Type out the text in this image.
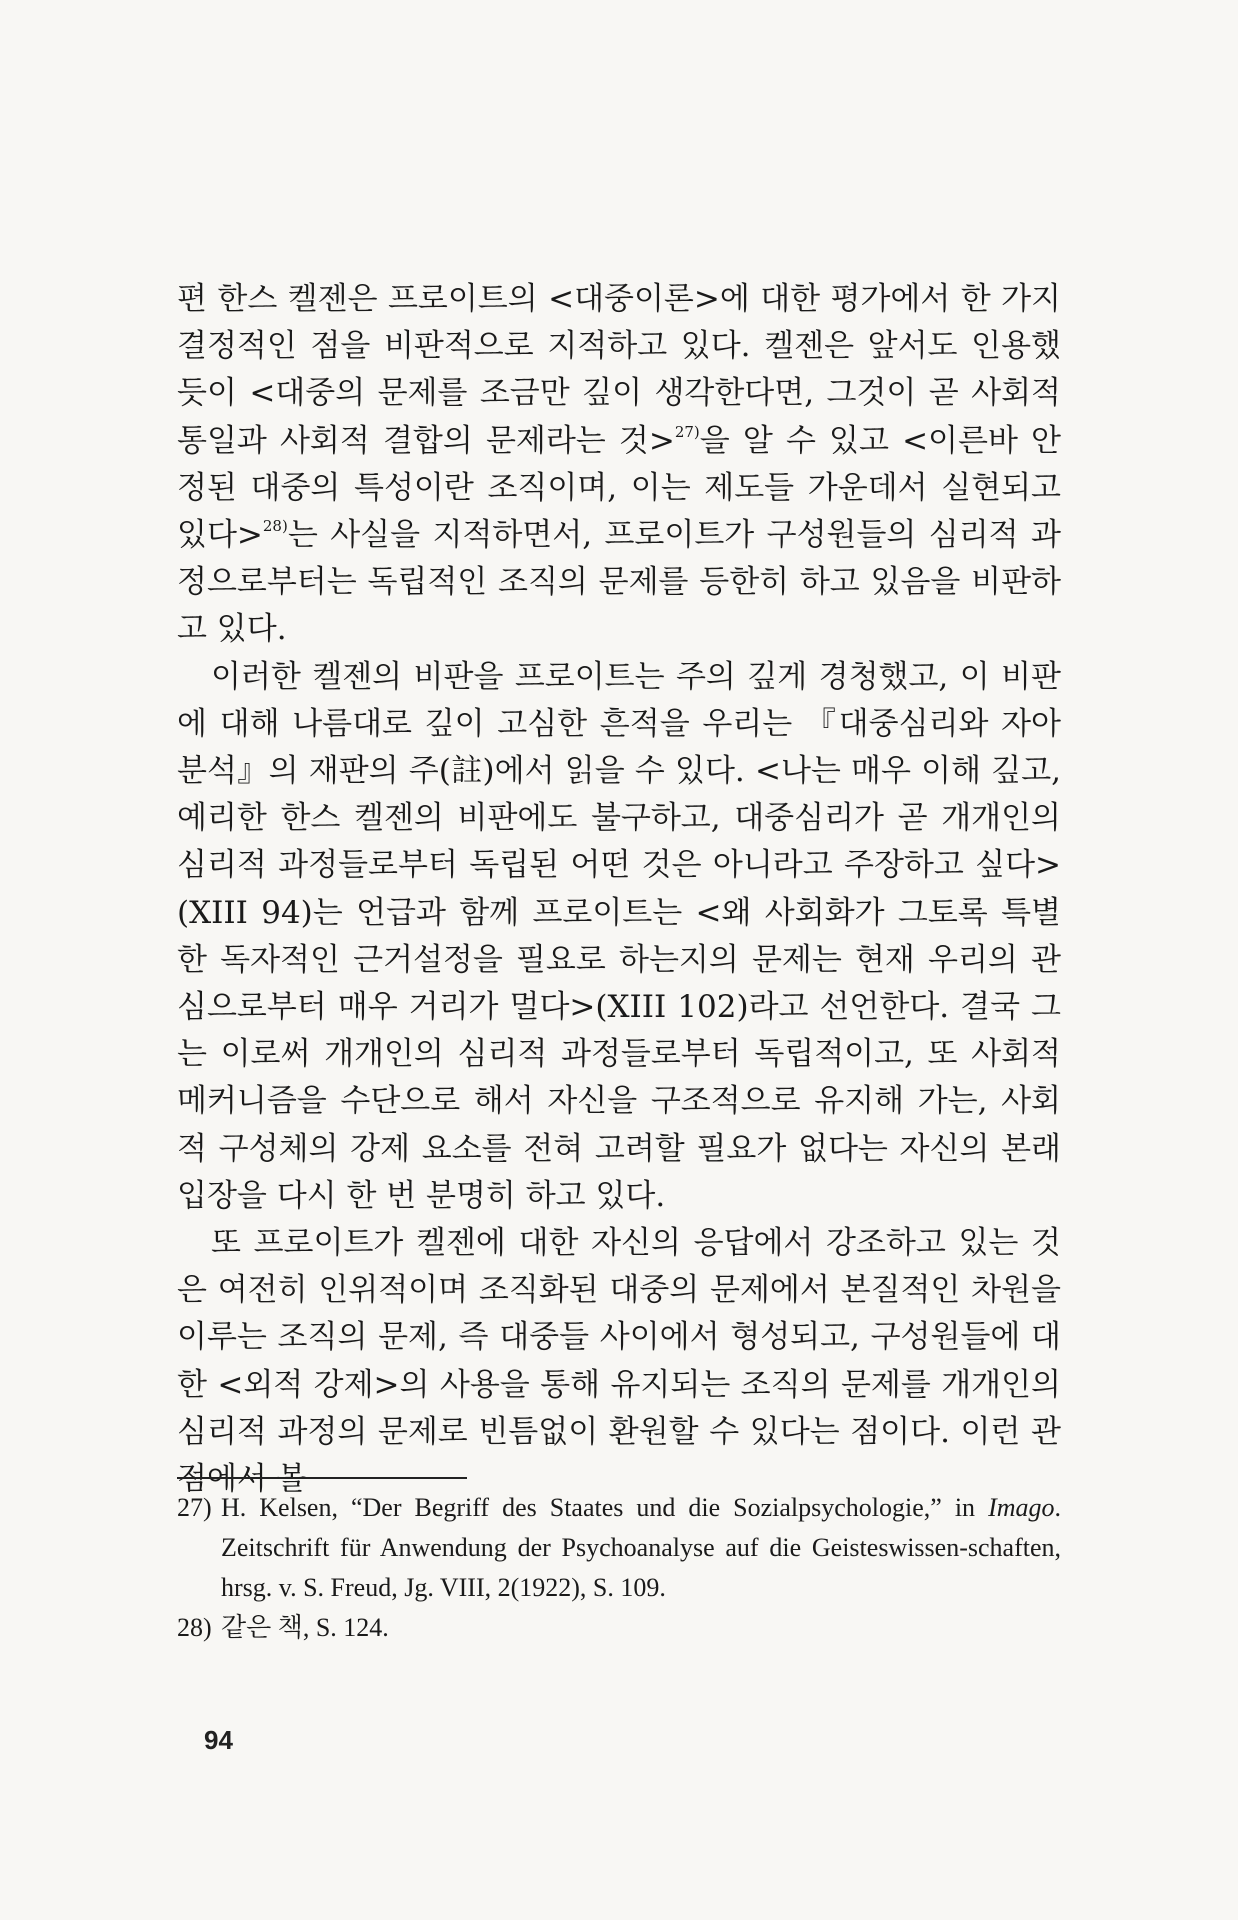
편 한스 켈젠은 프로이트의 <대중이론>에 대한 평가에서 한 가지 결정적인 점을 비판적으로 지적하고 있다. 켈젠은 앞서도 인용했듯이 <대중의 문제를 조금만 깊이 생각한다면, 그것이 곧 사회적 통일과 사회적 결합의 문제라는 것>$^{27)}$을 알 수 있고 <이른바 안정된 대중의 특성이란 조직이며, 이는 제도들 가운데서 실현되고 있다>$^{28)}$는 사실을 지적하면서, 프로이트가 구성원들의 심리적 과정으로부터는 독립적인 조직의 문제를 등한히 하고 있음을 비판하고 있다.

이러한 켈젠의 비판을 프로이트는 주의 깊게 경청했고, 이 비판에 대해 나름대로 깊이 고심한 흔적을 우리는 『대중심리와 자아분석』의 재판의 주(註)에서 읽을 수 있다. <나는 매우 이해 깊고, 예리한 한스 켈젠의 비판에도 불구하고, 대중심리가 곧 개개인의 심리적 과정들로부터 독립된 어떤 것은 아니라고 주장하고 싶다>(XIII 94)는 언급과 함께 프로이트는 <왜 사회화가 그토록 특별한 독자적인 근거설정을 필요로 하는지의 문제는 현재 우리의 관심으로부터 매우 거리가 멀다>(XIII 102)라고 선언한다. 결국 그는 이로써 개개인의 심리적 과정들로부터 독립적이고, 또 사회적 메커니즘을 수단으로 해서 자신을 구조적으로 유지해 가는, 사회적 구성체의 강제 요소를 전혀 고려할 필요가 없다는 자신의 본래 입장을 다시 한 번 분명히 하고 있다.

또 프로이트가 켈젠에 대한 자신의 응답에서 강조하고 있는 것은 여전히 인위적이며 조직화된 대중의 문제에서 본질적인 차원을 이루는 조직의 문제, 즉 대중들 사이에서 형성되고, 구성원들에 대한 <외적 강제>의 사용을 통해 유지되는 조직의 문제를 개개인의 심리적 과정의 문제로 빈틈없이 환원할 수 있다는 점이다. 이런 관점에서 볼

27) H. Kelsen, “Der Begriff des Staates und die Sozialpsychologie,” in Imago. Zeitschrift für Anwendung der Psychoanalyse auf die Geisteswissen-schaften, hrsg. v. S. Freud, Jg. VIII, 2(1922), S. 109.

28) 같은 책, S. 124.

94
